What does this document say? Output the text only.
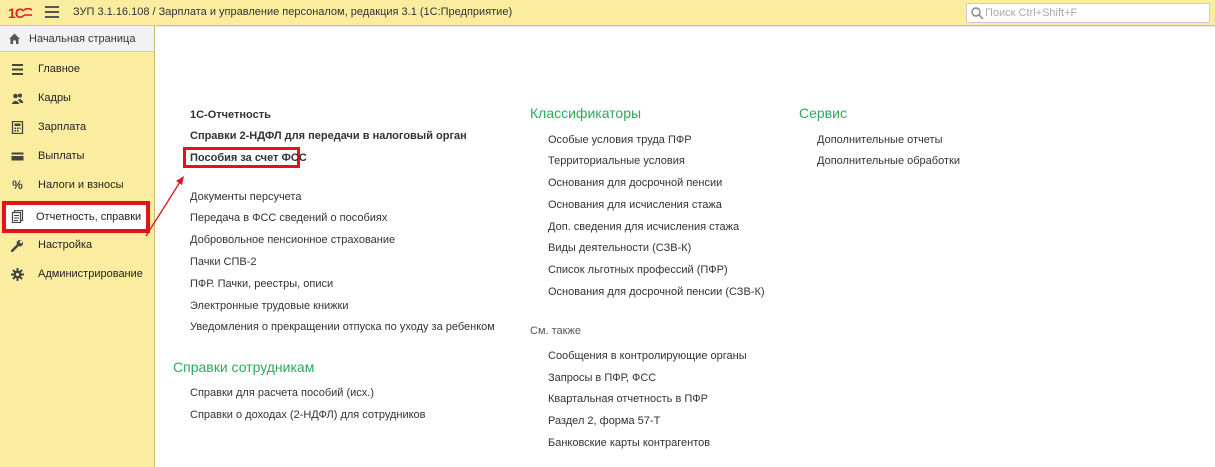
1С	ЗУП 3.1.16.108 / Зарплата и управление персоналом, редакция 3.1 (1С:Предприятие)
Поиск Ctrl+Shift+F
Начальная страница
Главное
Кадры
Зарплата
Выплаты
% Налоги и взносы
Отчетность, справки
Настройка
Администрирование
1С-Отчетность
Справки 2-НДФЛ для передачи в налоговый орган
Пособия за счет ФСС
Документы персучета
Передача в ФСС сведений о пособиях
Добровольное пенсионное страхование
Пачки СПВ-2
ПФР. Пачки, реестры, описи
Электронные трудовые книжки
Уведомления о прекращении отпуска по уходу за ребенком
Справки сотрудникам
Справки для расчета пособий (исх.)
Справки о доходах (2-НДФЛ) для сотрудников
Классификаторы
Особые условия труда ПФР
Территориальные условия
Основания для досрочной пенсии
Основания для исчисления стажа
Доп. сведения для исчисления стажа
Виды деятельности (СЗВ-К)
Список льготных профессий (ПФР)
Основания для досрочной пенсии (СЗВ-К)
См. также
Сообщения в контролирующие органы
Запросы в ПФР, ФСС
Квартальная отчетность в ПФР
Раздел 2, форма 57-Т
Банковские карты контрагентов
Сервис
Дополнительные отчеты
Дополнительные обработки
